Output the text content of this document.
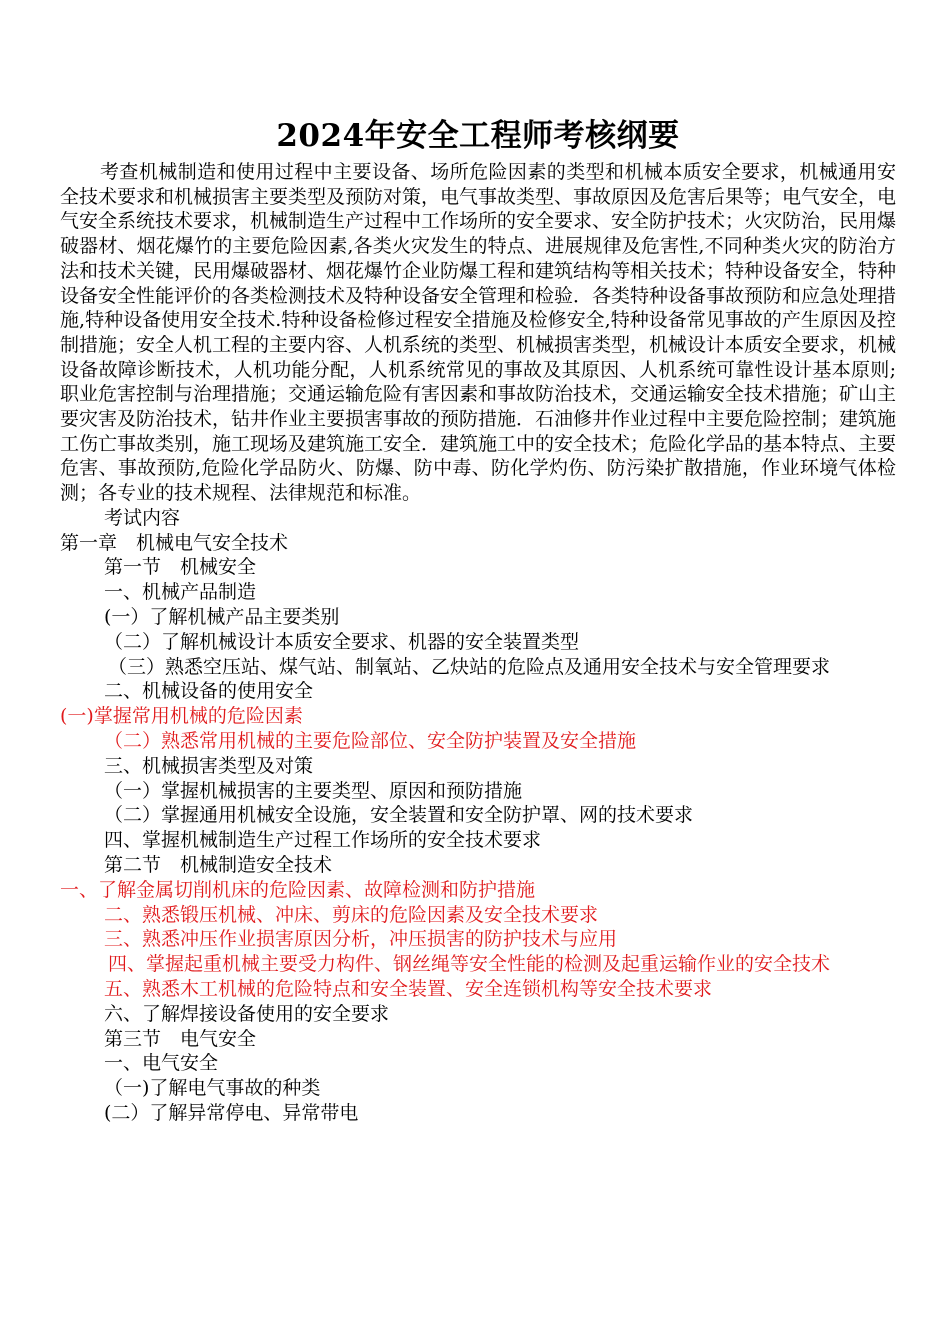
2024年安全工程师考核纲要

考查机械制造和使用过程中主要设备、场所危险因素的类型和机械本质安全要求，机械通用安全技术要求和机械损害主要类型及预防对策，电气事故类型、事故原因及危害后果等；电气安全，电气安全系统技术要求，机械制造生产过程中工作场所的安全要求、安全防护技术；火灾防治，民用爆破器材、烟花爆竹的主要危险因素,各类火灾发生的特点、进展规律及危害性,不同种类火灾的防治方法和技术关键，民用爆破器材、烟花爆竹企业防爆工程和建筑结构等相关技术；特种设备安全，特种设备安全性能评价的各类检测技术及特种设备安全管理和检验．各类特种设备事故预防和应急处理措施,特种设备使用安全技术.特种设备检修过程安全措施及检修安全,特种设备常见事故的产生原因及控制措施；安全人机工程的主要内容、人机系统的类型、机械损害类型，机械设计本质安全要求，机械设备故障诊断技术，人机功能分配，人机系统常见的事故及其原因、人机系统可靠性设计基本原则;职业危害控制与治理措施；交通运输危险有害因素和事故防治技术，交通运输安全技术措施；矿山主要灾害及防治技术，钻井作业主要损害事故的预防措施．石油修井作业过程中主要危险控制；建筑施工伤亡事故类别，施工现场及建筑施工安全．建筑施工中的安全技术；危险化学品的基本特点、主要危害、事故预防,危险化学品防火、防爆、防中毒、防化学灼伤、防污染扩散措施，作业环境气体检测；各专业的技术规程、法律规范和标准。

考试内容
第一章　机械电气安全技术
第一节　机械安全
一、机械产品制造
(一）了解机械产品主要类别
（二）了解机械设计本质安全要求、机器的安全装置类型
（三）熟悉空压站、煤气站、制氧站、乙炔站的危险点及通用安全技术与安全管理要求
二、机械设备的使用安全
(一)掌握常用机械的危险因素
（二）熟悉常用机械的主要危险部位、安全防护装置及安全措施
三、机械损害类型及对策
（一）掌握机械损害的主要类型、原因和预防措施
（二）掌握通用机械安全设施，安全装置和安全防护罩、网的技术要求
四、掌握机械制造生产过程工作场所的安全技术要求
第二节　机械制造安全技术
一、了解金属切削机床的危险因素、故障检测和防护措施
二、熟悉锻压机械、冲床、剪床的危险因素及安全技术要求
三、熟悉冲压作业损害原因分析，冲压损害的防护技术与应用
四、掌握起重机械主要受力构件、钢丝绳等安全性能的检测及起重运输作业的安全技术
五、熟悉木工机械的危险特点和安全装置、安全连锁机构等安全技术要求
六、了解焊接设备使用的安全要求
第三节　电气安全
一、电气安全
（一)了解电气事故的种类
(二）了解异常停电、异常带电
